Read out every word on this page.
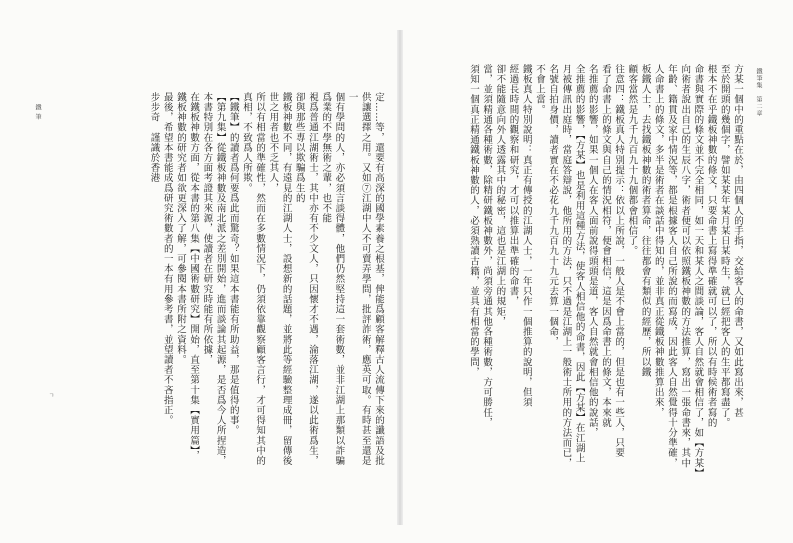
鐵 筆
ㄱ	定……等，還要有高深的國學素養之根基，俾能爲顧客解釋古人流傳下來的讖語及批

供讓選擇之用。又如⑦江湖中人不可賣弄學問，批評詐術，應英可取。有時甚至還是一

個有學問的人，亦必須言談得體，他們仍然堅持這一套術數，並非江湖上那類以詐騙爲業的不學無術之輩，也不能

視爲普通江湖術士，其中亦有不少文人，只因懷才不遇，淪落江湖，遂以此術爲生，卻與那些專以欺騙爲生的

鐵板神數不同，有遠見的江湖人士，設想新的話題，並將此等經驗整理成冊，留傳後世之用者也不乏其人，

所以有相當的準確性，然而在多數情況下，仍須依靠觀察顧客言行，才可得知其中的真相，不致爲人所欺。

【鐵筆】的讀者爲何要爲此而驚奇？如果這本書能有所助益，那是值得的事。

【第九集】從鐵板神數及南北派之差別開始，進而談論其起源，是否爲今人所捏造，

本書特別在各方面考證其來源，使讀者在研究時能有所依據，

在鐵板神數方面，從本書的第八集【中國術數研究】開始，直至第十集【實用篇】，

鐵板神數的研究者如欲更深入了解，可參閱本書所附之資料。

最後，希望本書能成爲研究術數者的一本有用參考書，並望讀者不吝指正。

步步奇　謹識於香港	鐵筆集　第二章

方某一個中的重點在於，由四個人的手指，交給客人的命書，又如此寫出來，甚

至於開頭的幾個字，譬如某某年某月某日某時生，就已經把客人的生平都寫盡了。

根本不在乎鐵板神數的條文，只要命書上寫得準確就可以了，所以有時候術者寫的

命書與實際的條文並不完全相同，如一天和某人之間談論，客人自然就會相信了，如【方某】

向術者說出自己的生辰八字，術者便可以依照鐵板神數的方法推算，寫出一張命書來，其中

年齡、籍貫及家中情況等，都是根據客人自己所說的而寫成，因此客人自然覺得十分準確，

人命書上的條文，多半是術者在談話中得知的，並非真正從鐵板神數推算出來，

板鐵人士，去找鐵板神數的術者算命，往往都會有類似的經歷，所以鐵

顧客當然是九千九百九十九個都會相信了。

往意四：鐵板真人特別提示：依以上所說，一般人是不會上當的，但是也有一些人，只要

看了命書上的條文與自己的情況相符，便會相信，這是因爲命書上的條文，本來就

名推薦的影響，如果一個人在客人面前說得頭頭是道，客人自然就會相信他的說話，

全推薦的影響，【方某】也是利用這種方法，使客人相信他的命書，因此【方某】在江湖上

月被傳訊出庭時，當庭答辯說，他所用的方法，只不過是江湖上一般術士所用的方法而已，

名號自拍身價，讀者實在不必花九千九百九十九元去算一個命，

不會上當。

鐵板真人特別說明：真正有傳授的江湖人士，一年只作一個推算的說明，但須

經過長時間的觀察和研究，才可以推算出準確的命書，

卻不能隨意向外人透露其中的秘密，這也是江湖上的規矩，

當，並須精通各種術數，除精研鐵板神數外，尚須旁通其他各種術數，方可勝任，

須知一個真正精通鐵板神數的人，必須熟讀古籍，並具有相當的學問，
